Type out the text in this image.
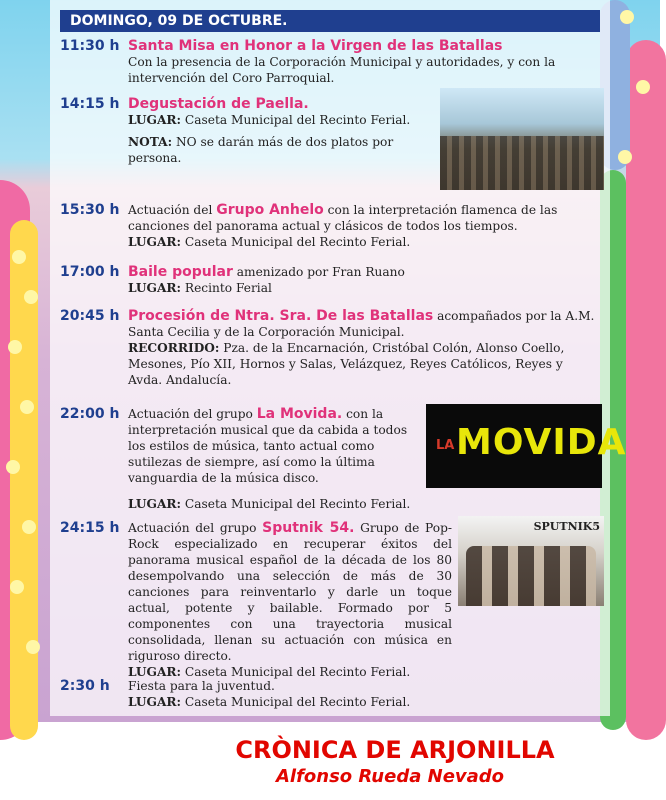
DOMINGO, 09 DE OCTUBRE.
11:30 h Santa Misa en Honor a la Virgen de las Batallas
Con la presencia de la Corporación Municipal y autoridades, y con la intervención del Coro Parroquial.
14:15 h Degustación de Paella.
LUGAR: Caseta Municipal del Recinto Ferial.
NOTA: NO se darán más de dos platos por persona.
15:30 h Actuación del Grupo Anhelo con la interpretación flamenca de las canciones del panorama actual y clásicos de todos los tiempos.
LUGAR: Caseta Municipal del Recinto Ferial.
17:00 h Baile popular amenizado por Fran Ruano
LUGAR: Recinto Ferial
20:45 h Procesión de Ntra. Sra. De las Batallas acompañados por la A.M. Santa Cecilia y de la Corporación Municipal.
RECORRIDO: Pza. de la Encarnación, Cristóbal Colón, Alonso Coello, Mesones, Pío XII, Hornos y Salas, Velázquez, Reyes Católicos, Reyes y Avda. Andalucía.
22:00 h Actuación del grupo La Movida. con la interpretación musical que da cabida a todos los estilos de música, tanto actual como sutilezas de siempre, así como la última vanguardia de la música disco.
LUGAR: Caseta Municipal del Recinto Ferial.
LA MOVIDA
24:15 h Actuación del grupo Sputnik 54. Grupo de Pop-Rock especializado en recuperar éxitos del panorama musical español de la década de los 80 desempolvando una selección de más de 30 canciones para reinventarlo y darle un toque actual, potente y bailable. Formado por 5 componentes con una trayectoria musical consolidada, llenan su actuación con música en riguroso directo.
LUGAR: Caseta Municipal del Recinto Ferial.
SPUTNIK5
2:30 h	Fiesta para la juventud.
LUGAR: Caseta Municipal del Recinto Ferial.
CRÒNICA DE ARJONILLA
Alfonso Rueda Nevado
